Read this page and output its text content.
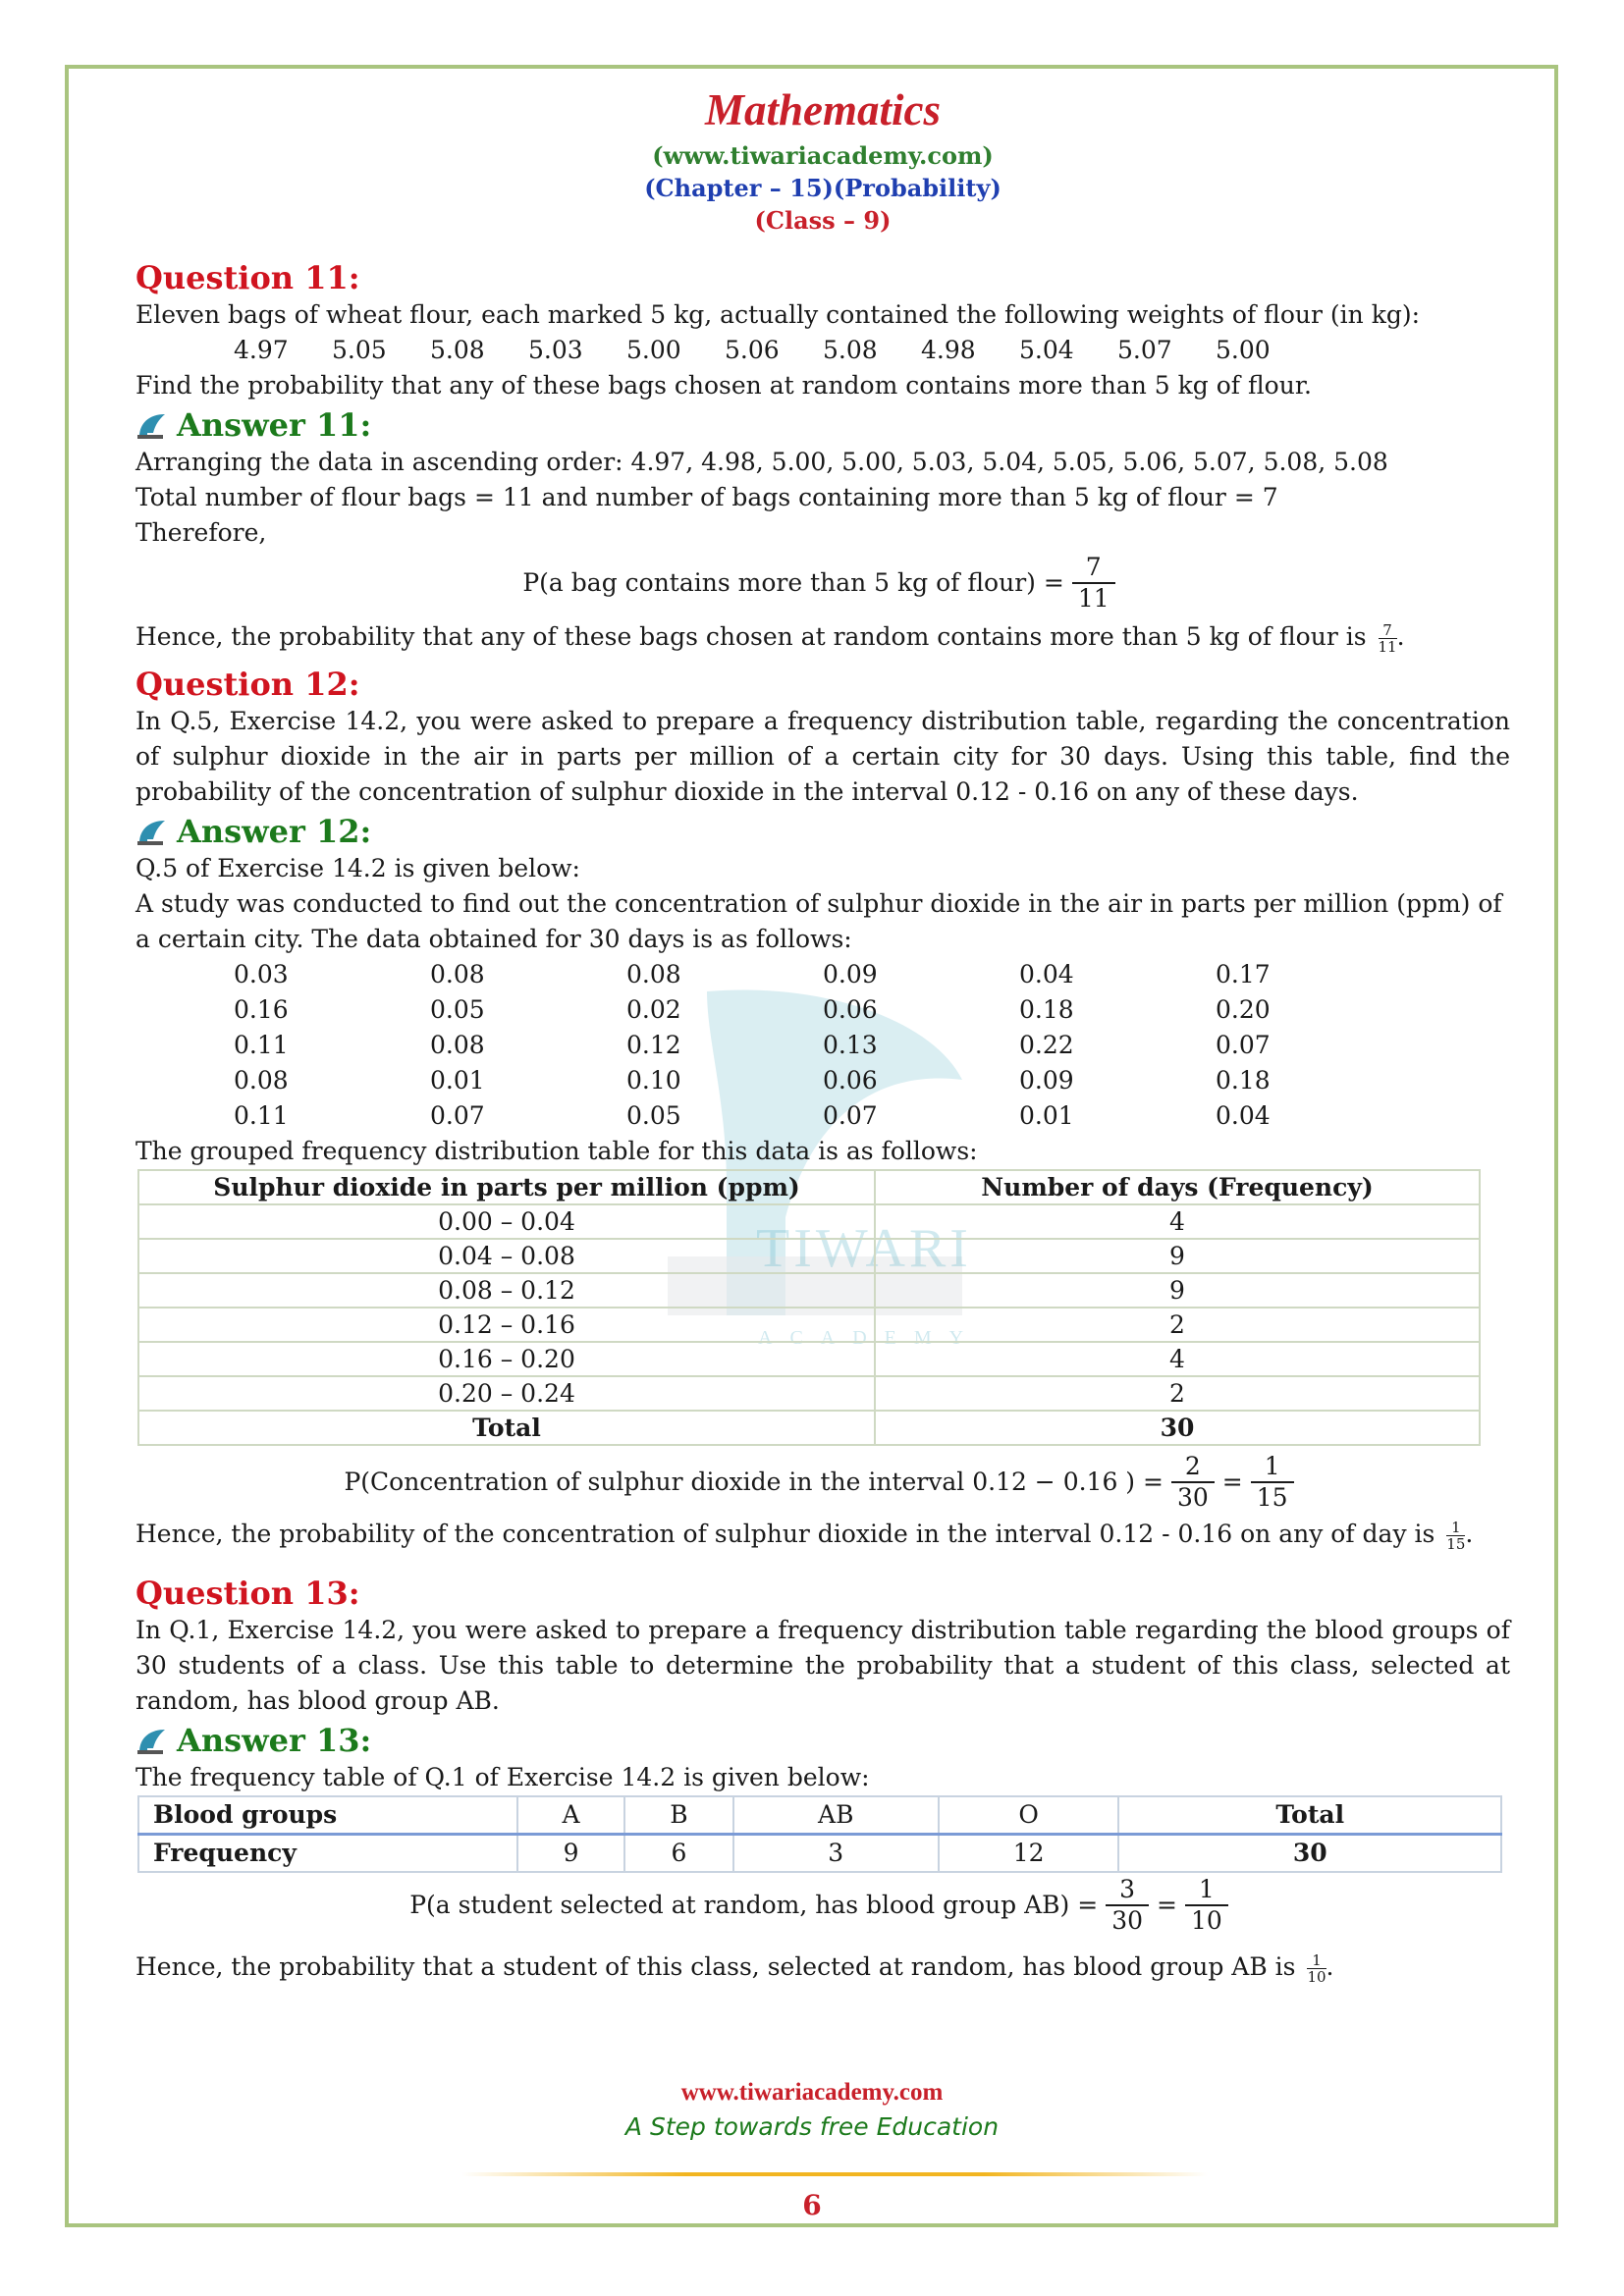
TIWARI
ACADEMY
Mathematics
(www.tiwariacademy.com)
(Chapter – 15)(Probability)
(Class – 9)
Question 11:
Eleven bags of wheat flour, each marked 5 kg, actually contained the following weights of flour (in kg):
4.97	5.05	5.08	5.03	5.00	5.06	5.08	4.98	5.04	5.07	5.00
Find the probability that any of these bags chosen at random contains more than 5 kg of flour.
Answer 11:
Arranging the data in ascending order: 4.97, 4.98, 5.00, 5.00, 5.03, 5.04, 5.05, 5.06, 5.07, 5.08, 5.08
Total number of flour bags = 11 and number of bags containing more than 5 kg of flour = 7
Therefore,
P(a bag contains more than 5 kg of flour) = $\frac{7}{11}$
Hence, the probability that any of these bags chosen at random contains more than 5 kg of flour is $\frac{7}{11}$ .
Question 12:
In Q.5, Exercise 14.2, you were asked to prepare a frequency distribution table, regarding the concentration of sulphur dioxide in the air in parts per million of a certain city for 30 days. Using this table, find the probability of the concentration of sulphur dioxide in the interval 0.12 - 0.16 on any of these days.
Answer 12:
Q.5 of Exercise 14.2 is given below:
A study was conducted to find out the concentration of sulphur dioxide in the air in parts per million (ppm) of a certain city. The data obtained for 30 days is as follows:
0.03	0.08	0.08	0.09	0.04	0.17
0.16	0.05	0.02	0.06	0.18	0.20
0.11	0.08	0.12	0.13	0.22	0.07
0.08	0.01	0.10	0.06	0.09	0.18
0.11	0.07	0.05	0.07	0.01	0.04
The grouped frequency distribution table for this data is as follows:
Sulphur dioxide in parts per million (ppm)	Number of days (Frequency)
0.00 – 0.04	4
0.04 – 0.08	9
0.08 – 0.12	9
0.12 – 0.16	2
0.16 – 0.20	4
0.20 – 0.24	2
Total	30
P(Concentration of sulphur dioxide in the interval 0.12 − 0.16 ) = $\frac{2}{30} = \frac{1}{15}$
Hence, the probability of the concentration of sulphur dioxide in the interval 0.12 - 0.16 on any of day is $\frac{1}{15}$ .
Question 13:
In Q.1, Exercise 14.2, you were asked to prepare a frequency distribution table regarding the blood groups of 30 students of a class. Use this table to determine the probability that a student of this class, selected at random, has blood group AB.
Answer 13:
The frequency table of Q.1 of Exercise 14.2 is given below:
Blood groups	A	B	AB	O	Total
Frequency	9	6	3	12	30
P(a student selected at random, has blood group $AB) = \frac{3}{30} = \frac{1}{10}$
Hence, the probability that a student of this class, selected at random, has blood group AB is $\frac{1}{10}$ .
www.tiwariacademy.com
A Step towards free Education
6
